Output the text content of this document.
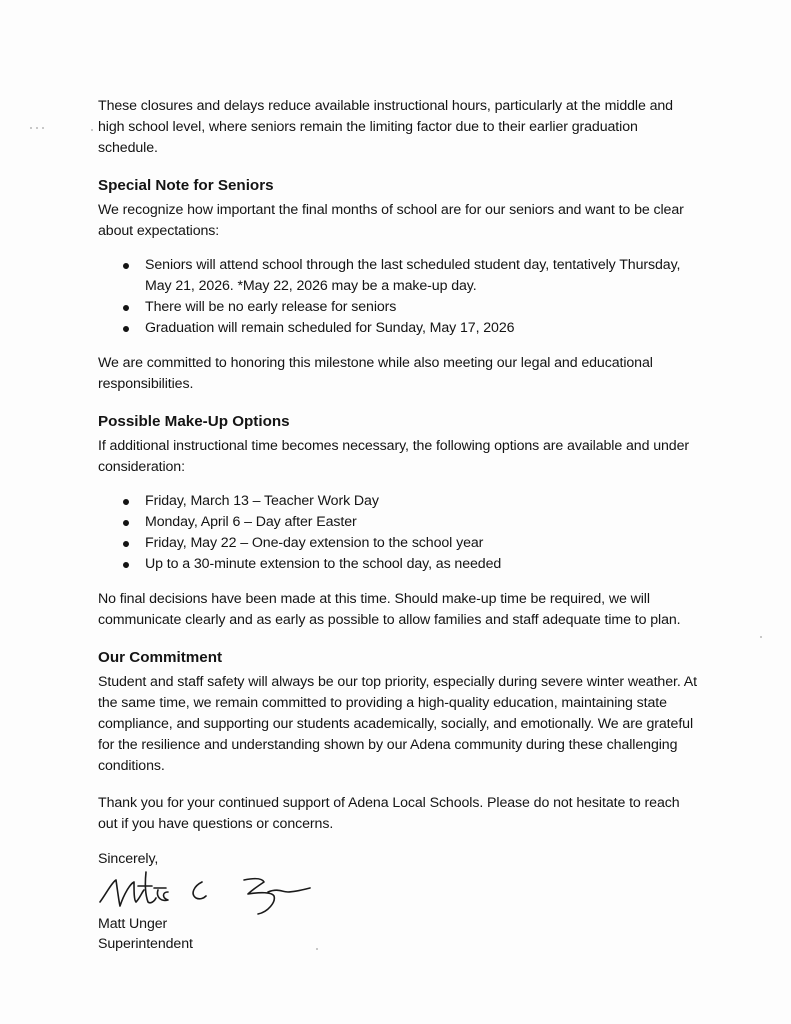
These closures and delays reduce available instructional hours, particularly at the middle and high school level, where seniors remain the limiting factor due to their earlier graduation schedule.

Special Note for Seniors

We recognize how important the final months of school are for our seniors and want to be clear about expectations:

Seniors will attend school through the last scheduled student day, tentatively Thursday, May 21, 2026. *May 22, 2026 may be a make-up day.
There will be no early release for seniors
Graduation will remain scheduled for Sunday, May 17, 2026

We are committed to honoring this milestone while also meeting our legal and educational responsibilities.

Possible Make-Up Options

If additional instructional time becomes necessary, the following options are available and under consideration:

Friday, March 13 – Teacher Work Day
Monday, April 6 – Day after Easter
Friday, May 22 – One-day extension to the school year
Up to a 30-minute extension to the school day, as needed

No final decisions have been made at this time. Should make-up time be required, we will communicate clearly and as early as possible to allow families and staff adequate time to plan.

Our Commitment

Student and staff safety will always be our top priority, especially during severe winter weather. At the same time, we remain committed to providing a high-quality education, maintaining state compliance, and supporting our students academically, socially, and emotionally. We are grateful for the resilience and understanding shown by our Adena community during these challenging conditions.

Thank you for your continued support of Adena Local Schools. Please do not hesitate to reach out if you have questions or concerns.

Sincerely,

Matt Unger

Superintendent
